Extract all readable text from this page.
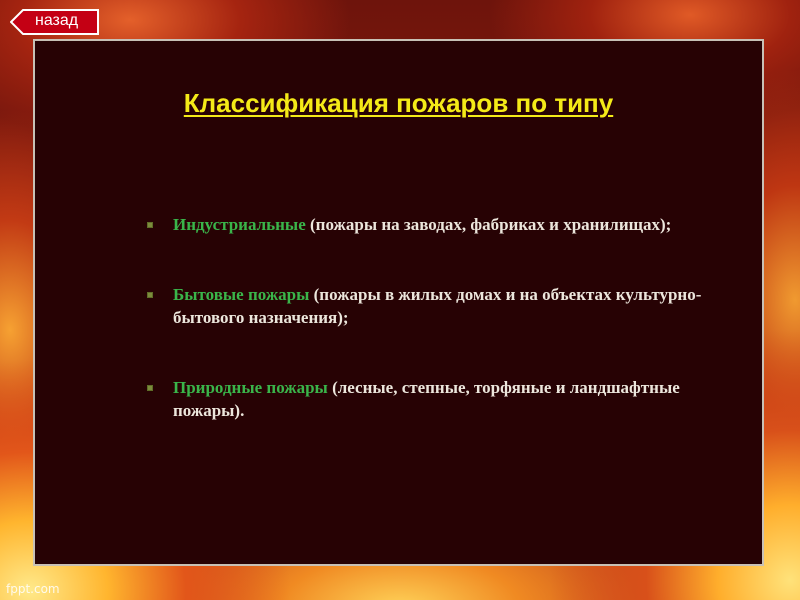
назад
Классификация пожаров по типу
Индустриальные (пожары на заводах, фабриках и хранилищах);
Бытовые пожары (пожары в жилых домах и на объектах культурно-бытового назначения);
Природные пожары (лесные, степные, торфяные и ландшафтные пожары).
fppt.com
